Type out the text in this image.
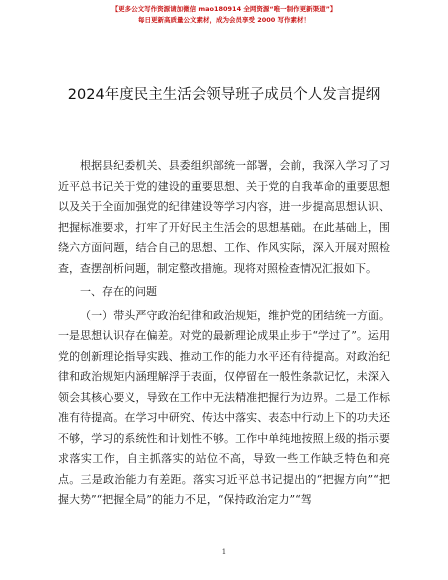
【更多公文写作资源请加微信 mao180914 全网资源“唯一制作更新渠道”】
每日更新高质量公文素材，成为会员享受 2000 写作素材！
2024年度民主生活会领导班子成员个人发言提纲

根据县纪委机关、县委组织部统一部署，会前，我深入学习了习近平总书记关于党的建设的重要思想、关于党的自我革命的重要思想以及关于全面加强党的纪律建设等学习内容，进一步提高思想认识、把握标准要求，打牢了开好民主生活会的思想基础。在此基础上，围绕六方面问题，结合自己的思想、工作、作风实际，深入开展对照检查，查摆剖析问题，制定整改措施。现将对照检查情况汇报如下。

一、存在的问题

（一）带头严守政治纪律和政治规矩，维护党的团结统一方面。一是思想认识存在偏差。对党的最新理论成果止步于“学过了”。运用党的创新理论指导实践、推动工作的能力水平还有待提高。对政治纪律和政治规矩内涵理解浮于表面，仅停留在一般性条款记忆，未深入领会其核心要义，导致在工作中无法精准把握行为边界。二是工作标准有待提高。在学习中研究、传达中落实、表态中行动上下的功夫还不够，学习的系统性和计划性不够。工作中单纯地按照上级的指示要求落实工作，自主抓落实的站位不高，导致一些工作缺乏特色和亮点。三是政治能力有差距。落实习近平总书记提出的“把握方向”“把握大势”“把握全局”的能力不足，“保持政治定力”“驾

1
